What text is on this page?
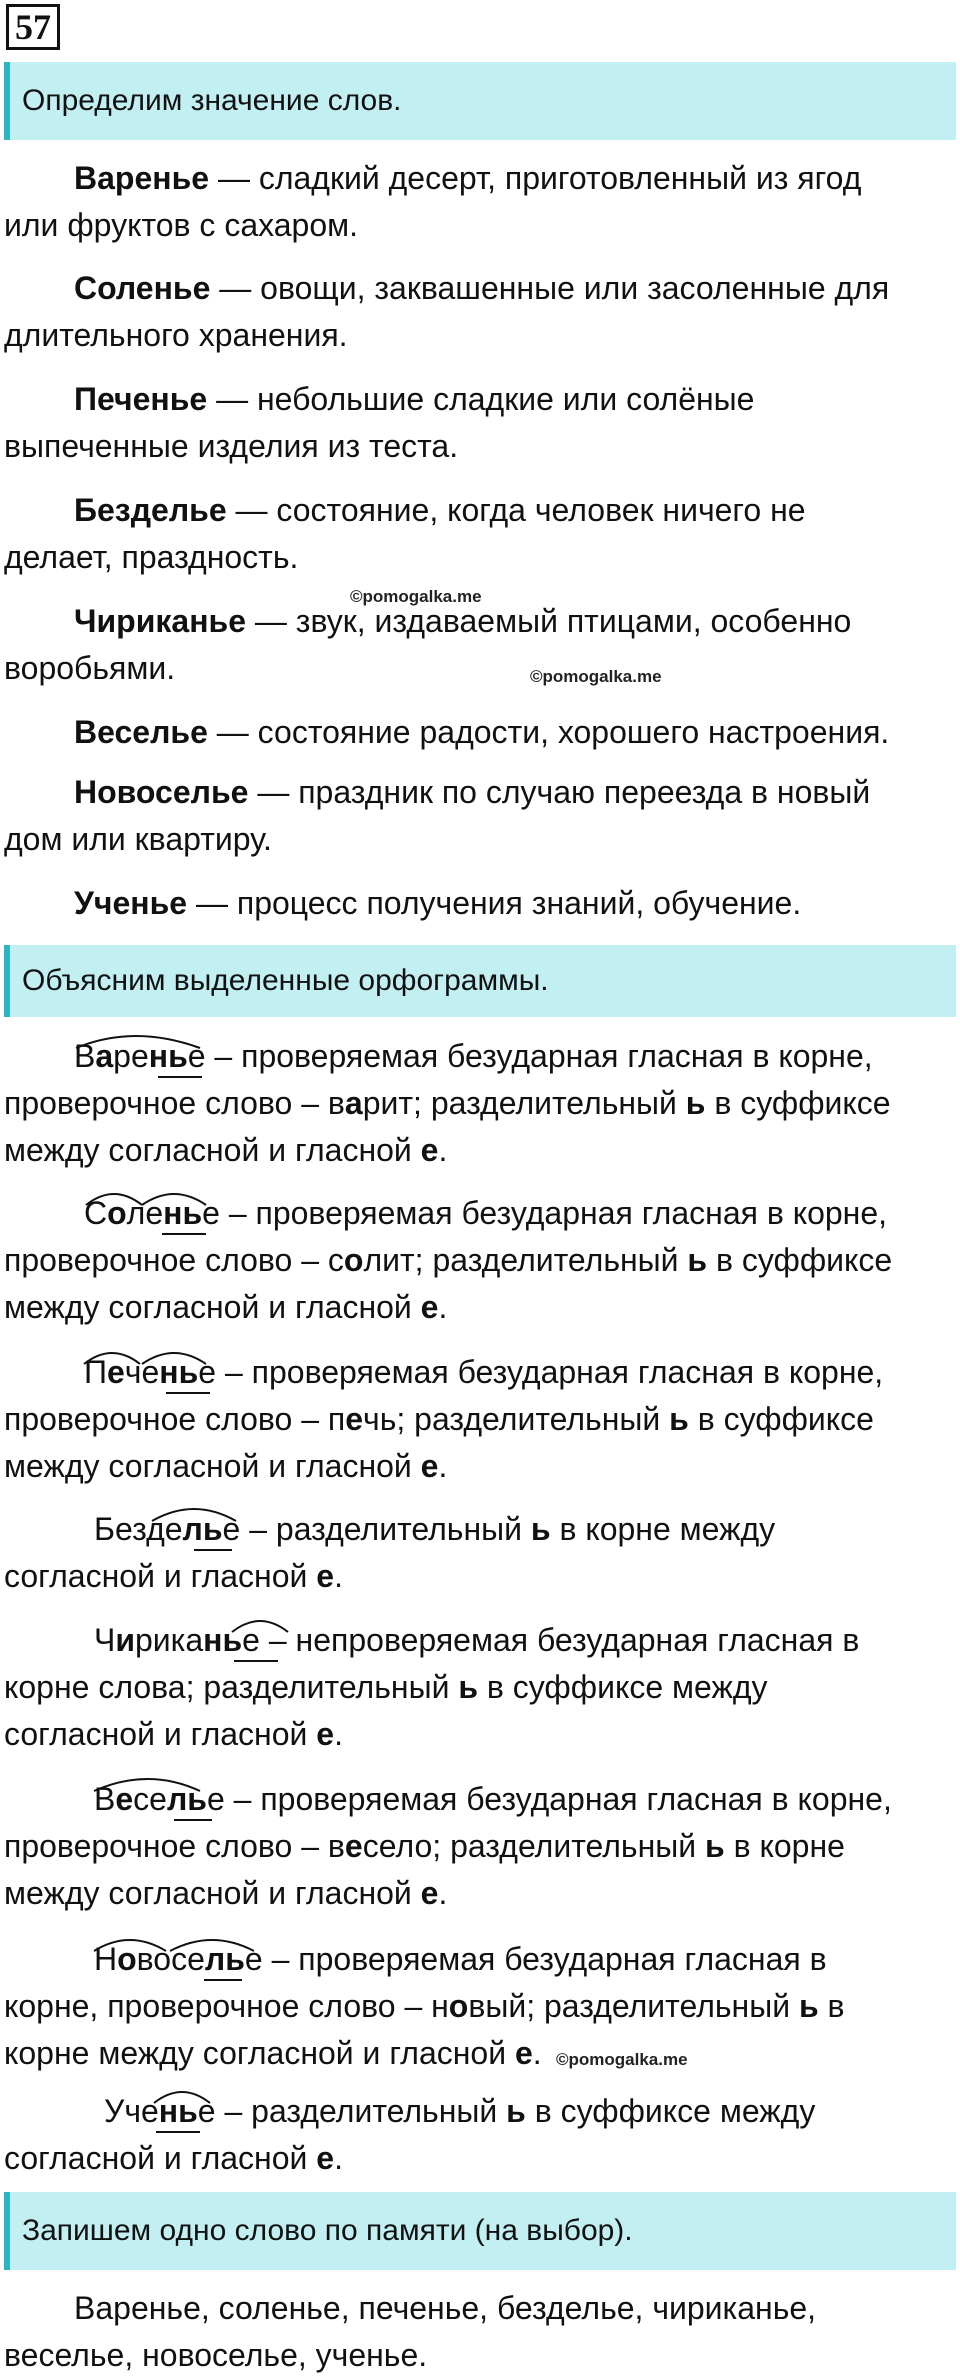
57
Определим значение слов.
Варенье — сладкий десерт, приготовленный из ягод
или фруктов с сахаром.
Соленье — овощи, заквашенные или засоленные для
длительного хранения.
Печенье — небольшие сладкие или солёные
выпеченные изделия из теста.
Безделье — состояние, когда человек ничего не
делает, праздность.
Чириканье — звук, издаваемый птицами, особенно
воробьями.
Веселье — состояние радости, хорошего настроения.
Новоселье — праздник по случаю переезда в новый
дом или квартиру.
Ученье — процесс получения знаний, обучение.
©pomogalka.me
©pomogalka.me
Объясним выделенные орфограммы.
Варенье – проверяемая безударная гласная в корне,
проверочное слово – варит; разделительный ь в суффиксе
между согласной и гласной е.
Соленье – проверяемая безударная гласная в корне,
проверочное слово – солит; разделительный ь в суффиксе
между согласной и гласной е.
Печенье – проверяемая безударная гласная в корне,
проверочное слово – печь; разделительный ь в суффиксе
между согласной и гласной е.
Безделье – разделительный ь в корне между
согласной и гласной е.
Чириканье – непроверяемая безударная гласная в
корне слова; разделительный ь в суффиксе между
согласной и гласной е.
Веселье – проверяемая безударная гласная в корне,
проверочное слово – весело; разделительный ь в корне
между согласной и гласной е.
Новоселье – проверяемая безударная гласная в
корне, проверочное слово – новый; разделительный ь в
корне между согласной и гласной е. ©pomogalka.me
Ученье – разделительный ь в суффиксе между
согласной и гласной е.
Запишем одно слово по памяти (на выбор).
Варенье, соленье, печенье, безделье, чириканье,
веселье, новоселье, ученье.
